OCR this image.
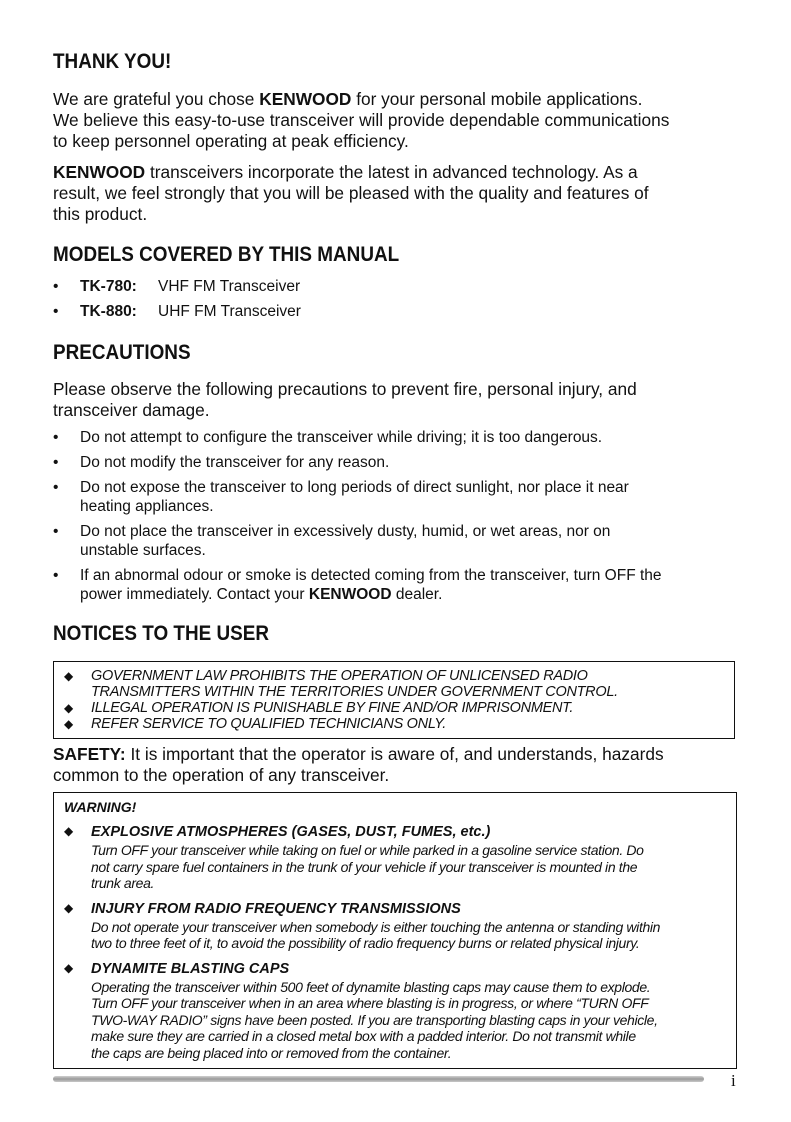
THANK YOU!

We are grateful you chose KENWOOD for your personal mobile applications.
We believe this easy-to-use transceiver will provide dependable communications
to keep personnel operating at peak efficiency.

KENWOOD transceivers incorporate the latest in advanced technology. As a
result, we feel strongly that you will be pleased with the quality and features of
this product.

MODELS COVERED BY THIS MANUAL
• TK-780: VHF FM Transceiver
• TK-880: UHF FM Transceiver
PRECAUTIONS

Please observe the following precautions to prevent fire, personal injury, and
transceiver damage.

• Do not attempt to configure the transceiver while driving; it is too dangerous.
• Do not modify the transceiver for any reason.
• Do not expose the transceiver to long periods of direct sunlight, nor place it near
heating appliances.
• Do not place the transceiver in excessively dusty, humid, or wet areas, nor on
unstable surfaces.
• If an abnormal odour or smoke is detected coming from the transceiver, turn OFF the
power immediately. Contact your KENWOOD dealer.
NOTICES TO THE USER
◆ GOVERNMENT LAW PROHIBITS THE OPERATION OF UNLICENSED RADIO
TRANSMITTERS WITHIN THE TERRITORIES UNDER GOVERNMENT CONTROL.
◆ ILLEGAL OPERATION IS PUNISHABLE BY FINE AND/OR IMPRISONMENT.
◆ REFER SERVICE TO QUALIFIED TECHNICIANS ONLY.

SAFETY: It is important that the operator is aware of, and understands, hazards
common to the operation of any transceiver.

WARNING!

◆ EXPLOSIVE ATMOSPHERES (GASES, DUST, FUMES, etc.)
Turn OFF your transceiver while taking on fuel or while parked in a gasoline service station. Do
not carry spare fuel containers in the trunk of your vehicle if your transceiver is mounted in the
trunk area.
◆ INJURY FROM RADIO FREQUENCY TRANSMISSIONS
Do not operate your transceiver when somebody is either touching the antenna or standing within
two to three feet of it, to avoid the possibility of radio frequency burns or related physical injury.
◆ DYNAMITE BLASTING CAPS
Operating the transceiver within 500 feet of dynamite blasting caps may cause them to explode.
Turn OFF your transceiver when in an area where blasting is in progress, or where “TURN OFF
TWO-WAY RADIO” signs have been posted. If you are transporting blasting caps in your vehicle,
make sure they are carried in a closed metal box with a padded interior. Do not transmit while
the caps are being placed into or removed from the container.
i
